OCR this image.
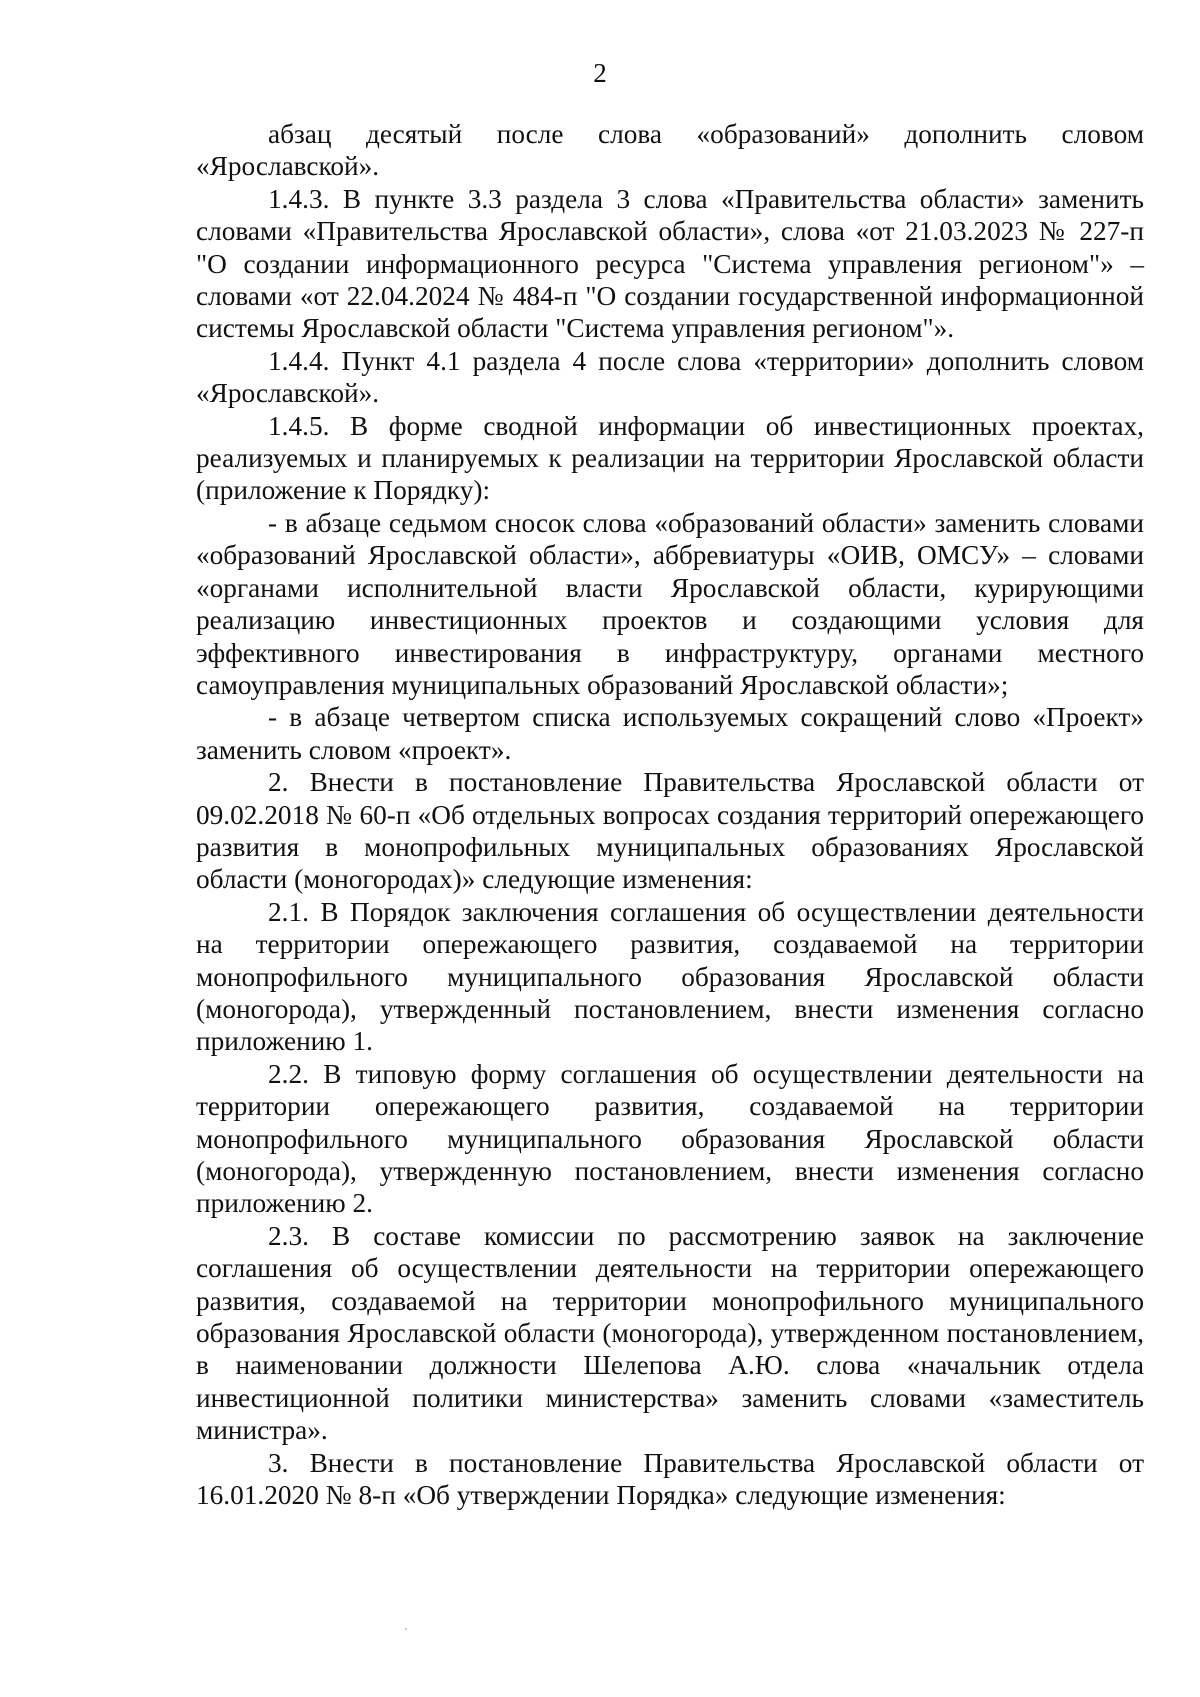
2

абзац десятый после слова «образований» дополнить словом «Ярославской».

1.4.3. В пункте 3.3 раздела 3 слова «Правительства области» заменить словами «Правительства Ярославской области», слова «от 21.03.2023 № 227-п "О создании информационного ресурса "Система управления регионом"» – словами «от 22.04.2024 № 484-п "О создании государственной информационной системы Ярославской области "Система управления регионом"».

1.4.4. Пункт 4.1 раздела 4 после слова «территории» дополнить словом «Ярославской».

1.4.5. В форме сводной информации об инвестиционных проектах, реализуемых и планируемых к реализации на территории Ярославской области (приложение к Порядку):

- в абзаце седьмом сносок слова «образований области» заменить словами «образований Ярославской области», аббревиатуры «ОИВ, ОМСУ» – словами «органами исполнительной власти Ярославской области, курирующими реализацию инвестиционных проектов и создающими условия для эффективного инвестирования в инфраструктуру, органами местного самоуправления муниципальных образований Ярославской области»;

- в абзаце четвертом списка используемых сокращений слово «Проект» заменить словом «проект».

2. Внести в постановление Правительства Ярославской области от 09.02.2018 № 60-п «Об отдельных вопросах создания территорий опережающего развития в монопрофильных муниципальных образованиях Ярославской области (моногородах)» следующие изменения:

2.1. В Порядок заключения соглашения об осуществлении деятельности на территории опережающего развития, создаваемой на территории монопрофильного муниципального образования Ярославской области (моногорода), утвержденный постановлением, внести изменения согласно приложению 1.

2.2. В типовую форму соглашения об осуществлении деятельности на территории опережающего развития, создаваемой на территории монопрофильного муниципального образования Ярославской области (моногорода), утвержденную постановлением, внести изменения согласно приложению 2.

2.3. В составе комиссии по рассмотрению заявок на заключение соглашения об осуществлении деятельности на территории опережающего развития, создаваемой на территории монопрофильного муниципального образования Ярославской области (моногорода), утвержденном постановлением, в наименовании должности Шелепова А.Ю. слова «начальник отдела инвестиционной политики министерства» заменить словами «заместитель министра».

3. Внести в постановление Правительства Ярославской области от 16.01.2020 № 8-п «Об утверждении Порядка» следующие изменения:
